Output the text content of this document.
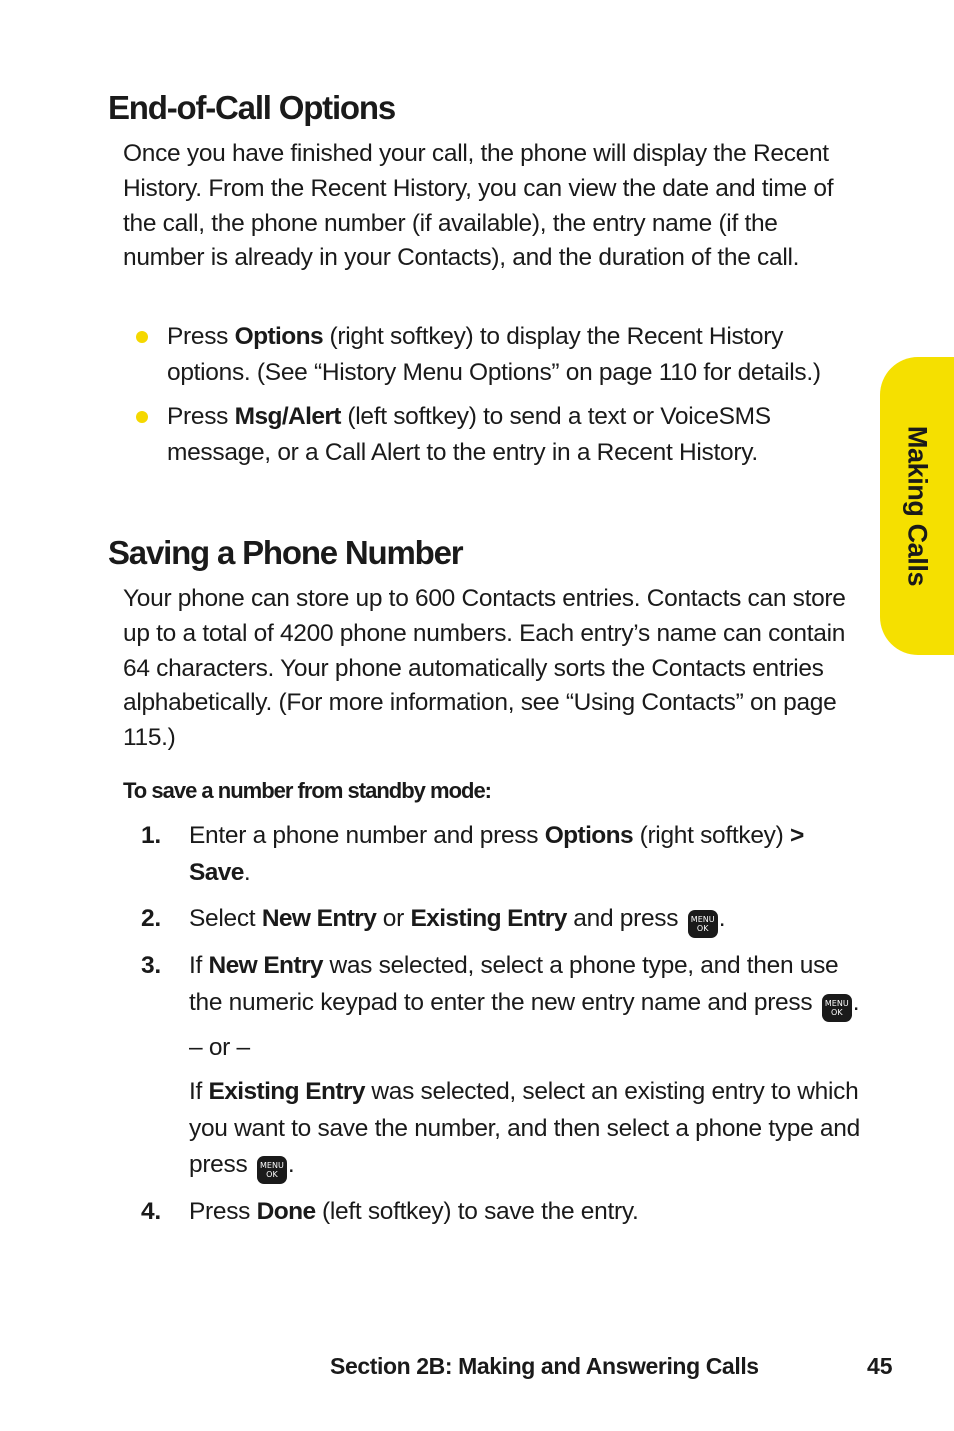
End-of-Call Options

Once you have finished your call, the phone will display the Recent History. From the Recent History, you can view the date and time of the call, the phone number (if available), the entry name (if the number is already in your Contacts), and the duration of the call.

Press Options (right softkey) to display the Recent History options. (See “History Menu Options” on page 110 for details.)
Press Msg/Alert (left softkey) to send a text or VoiceSMS message, or a Call Alert to the entry in a Recent History.
Saving a Phone Number

Your phone can store up to 600 Contacts entries. Contacts can store up to a total of 4200 phone numbers. Each entry’s name can contain 64 characters. Your phone automatically sorts the Contacts entries alphabetically. (For more information, see “Using Contacts” on page 115.)

To save a number from standby mode:

1. Enter a phone number and press Options (right softkey) >
Save.
2. Select New Entry or Existing Entry and press MENU
OK .
3. If New Entry was selected, select a phone type, and then use the numeric keypad to enter the new entry name and press MENU
OK .
– or –
If Existing Entry was selected, select an existing entry to which you want to save the number, and then select a phone type and press MENU
OK .
4. Press Done (left softkey) to save the entry.
Making Calls
Section 2B: Making and Answering Calls	45
